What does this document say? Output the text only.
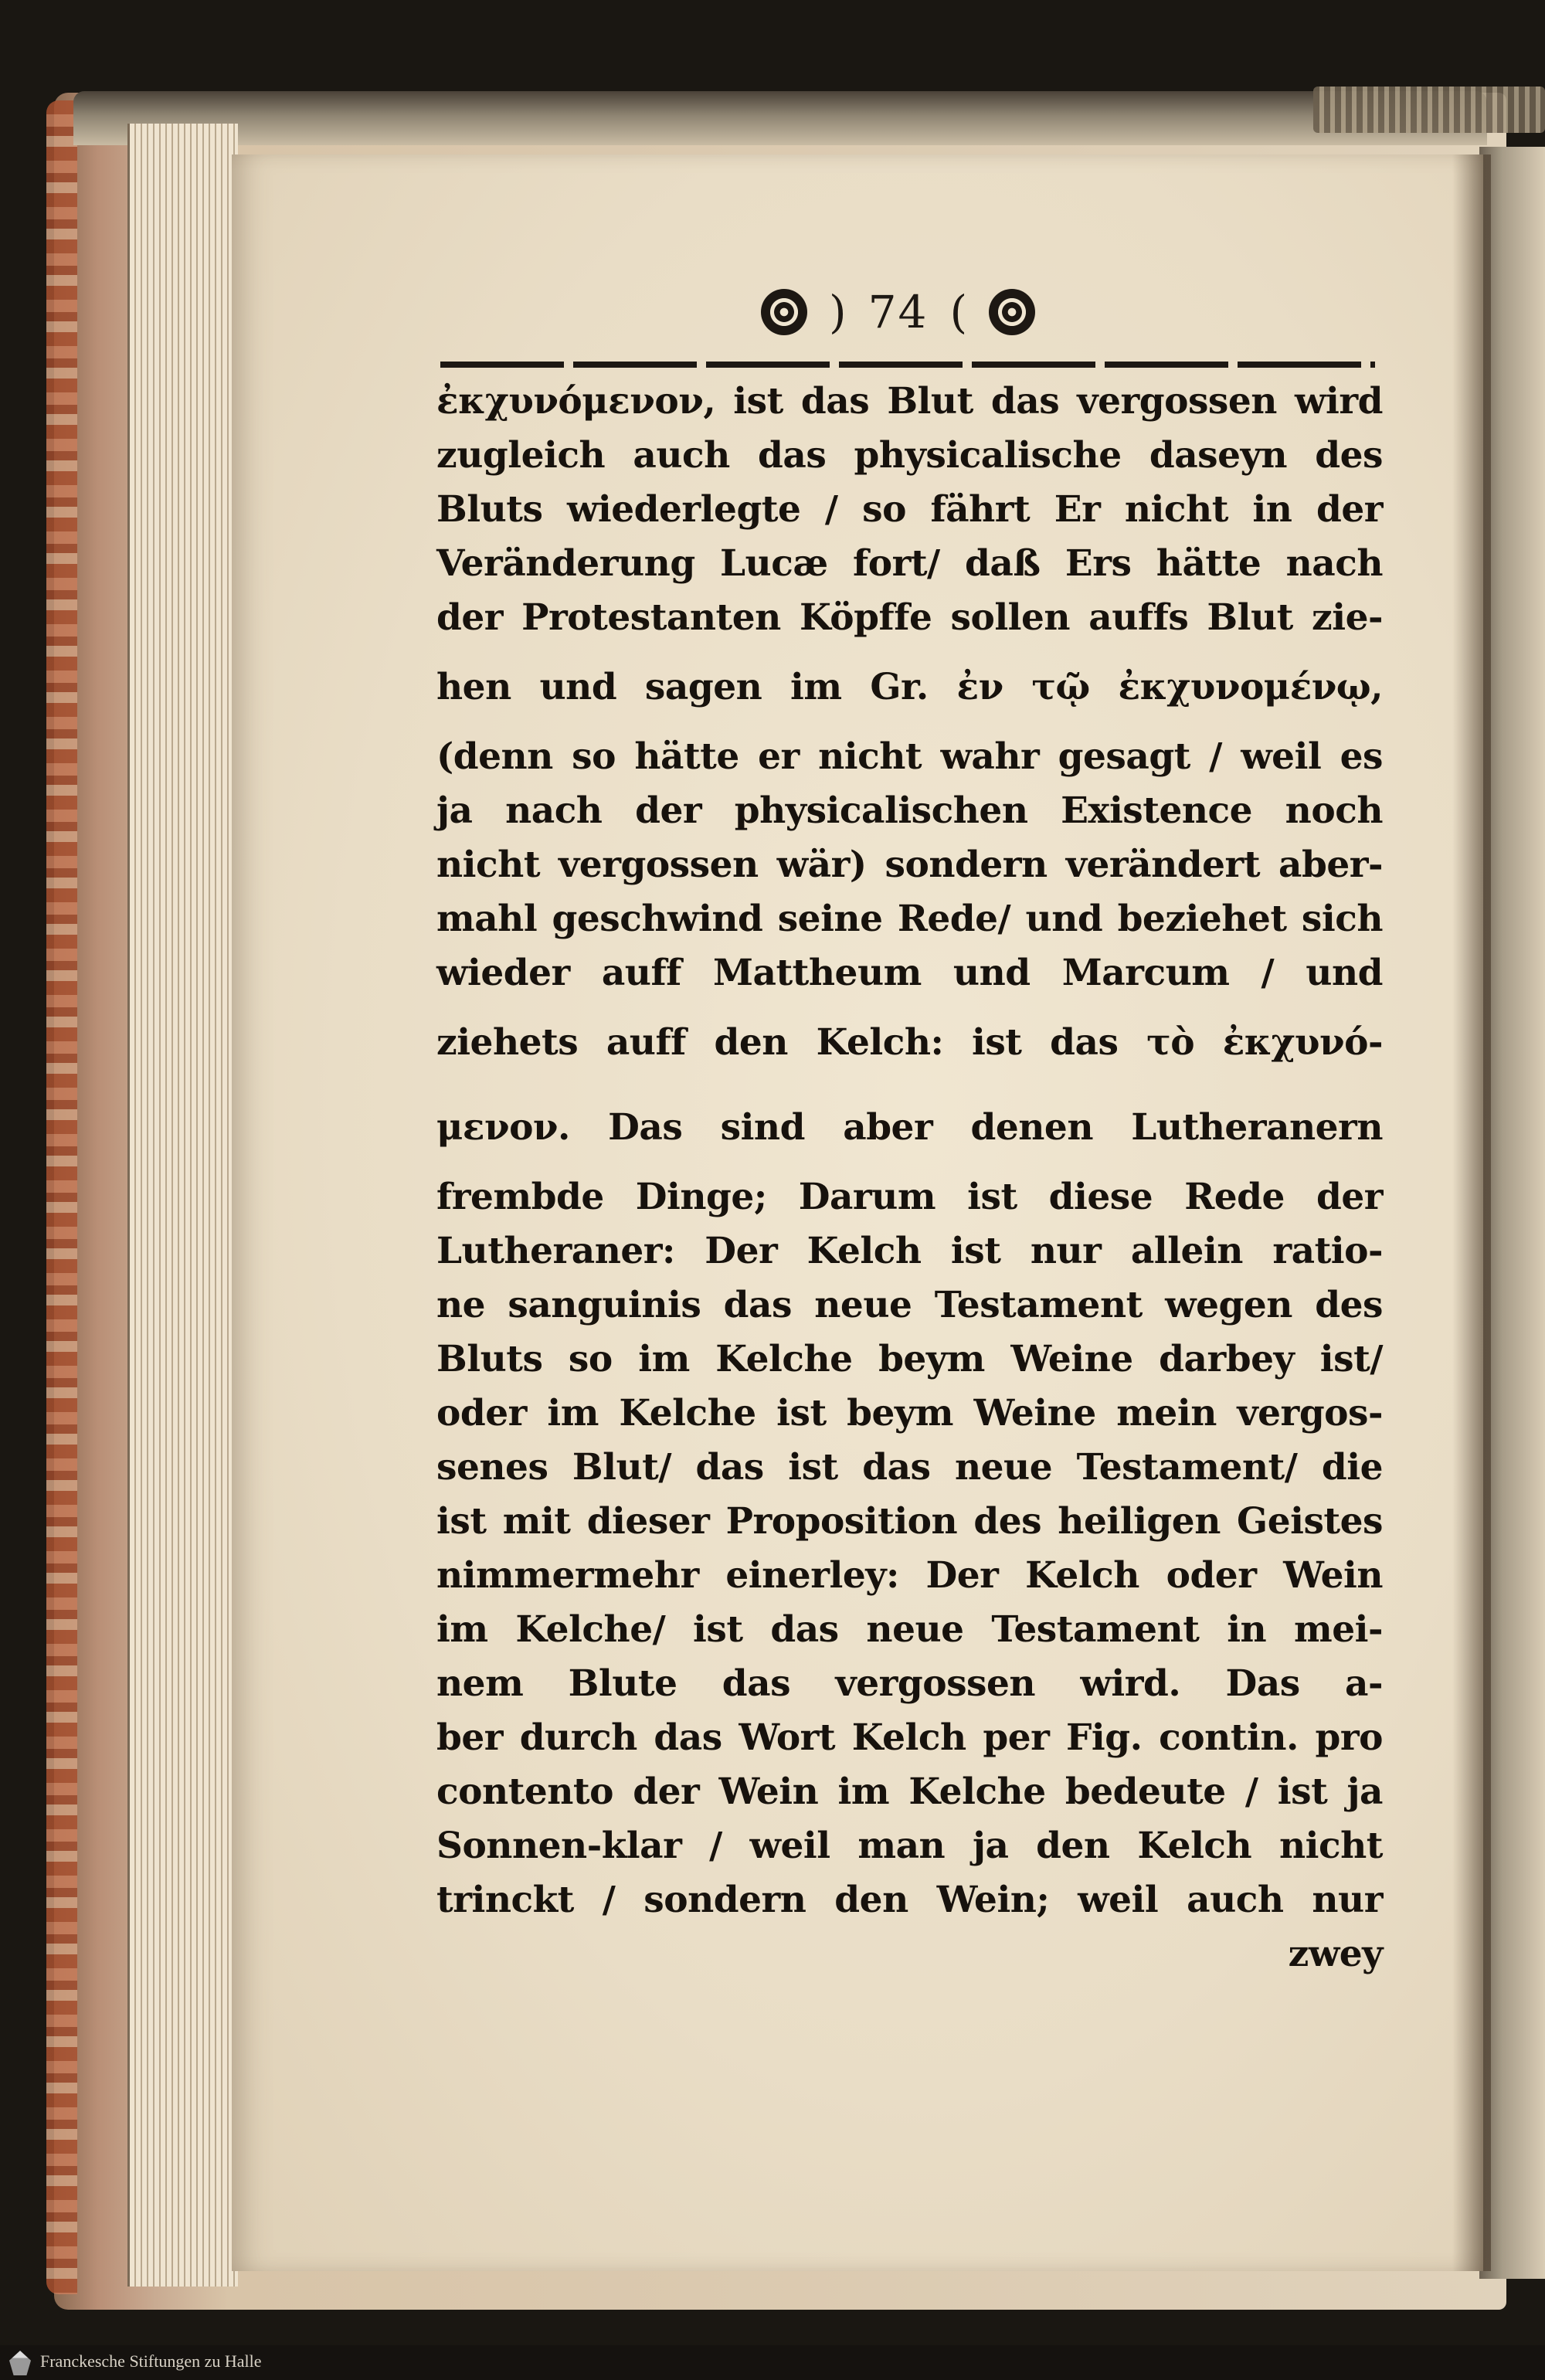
) 74 (
ἐκχυνόμενον, ist das Blut das vergossen wird
zugleich auch das physicalische daseyn des
Bluts wiederlegte / so fährt Er nicht in der
Veränderung Lucæ fort/ daß Ers hätte nach
der Protestanten Köpffe sollen auffs Blut zie-
hen und sagen im Gr. ἐν τῷ ἐκχυνομένῳ,
(denn so hätte er nicht wahr gesagt / weil es
ja nach der physicalischen Existence noch
nicht vergossen wär) sondern verändert aber-
mahl geschwind seine Rede/ und beziehet sich
wieder auff Mattheum und Marcum / und
ziehets auff den Kelch: ist das τὸ ἐκχυνό-
μενον. Das sind aber denen Lutheranern
frembde Dinge; Darum ist diese Rede der
Lutheraner: Der Kelch ist nur allein ratio-
ne sanguinis das neue Testament wegen des
Bluts so im Kelche beym Weine darbey ist/
oder im Kelche ist beym Weine mein vergos-
senes Blut/ das ist das neue Testament/ die
ist mit dieser Proposition des heiligen Geistes
nimmermehr einerley: Der Kelch oder Wein
im Kelche/ ist das neue Testament in mei-
nem Blute das vergossen wird. Das a-
ber durch das Wort Kelch per Fig. contin. pro
contento der Wein im Kelche bedeute / ist ja
Sonnen-klar / weil man ja den Kelch nicht
trinckt / sondern den Wein; weil auch nur
zwey
Franckesche Stiftungen zu Halle
